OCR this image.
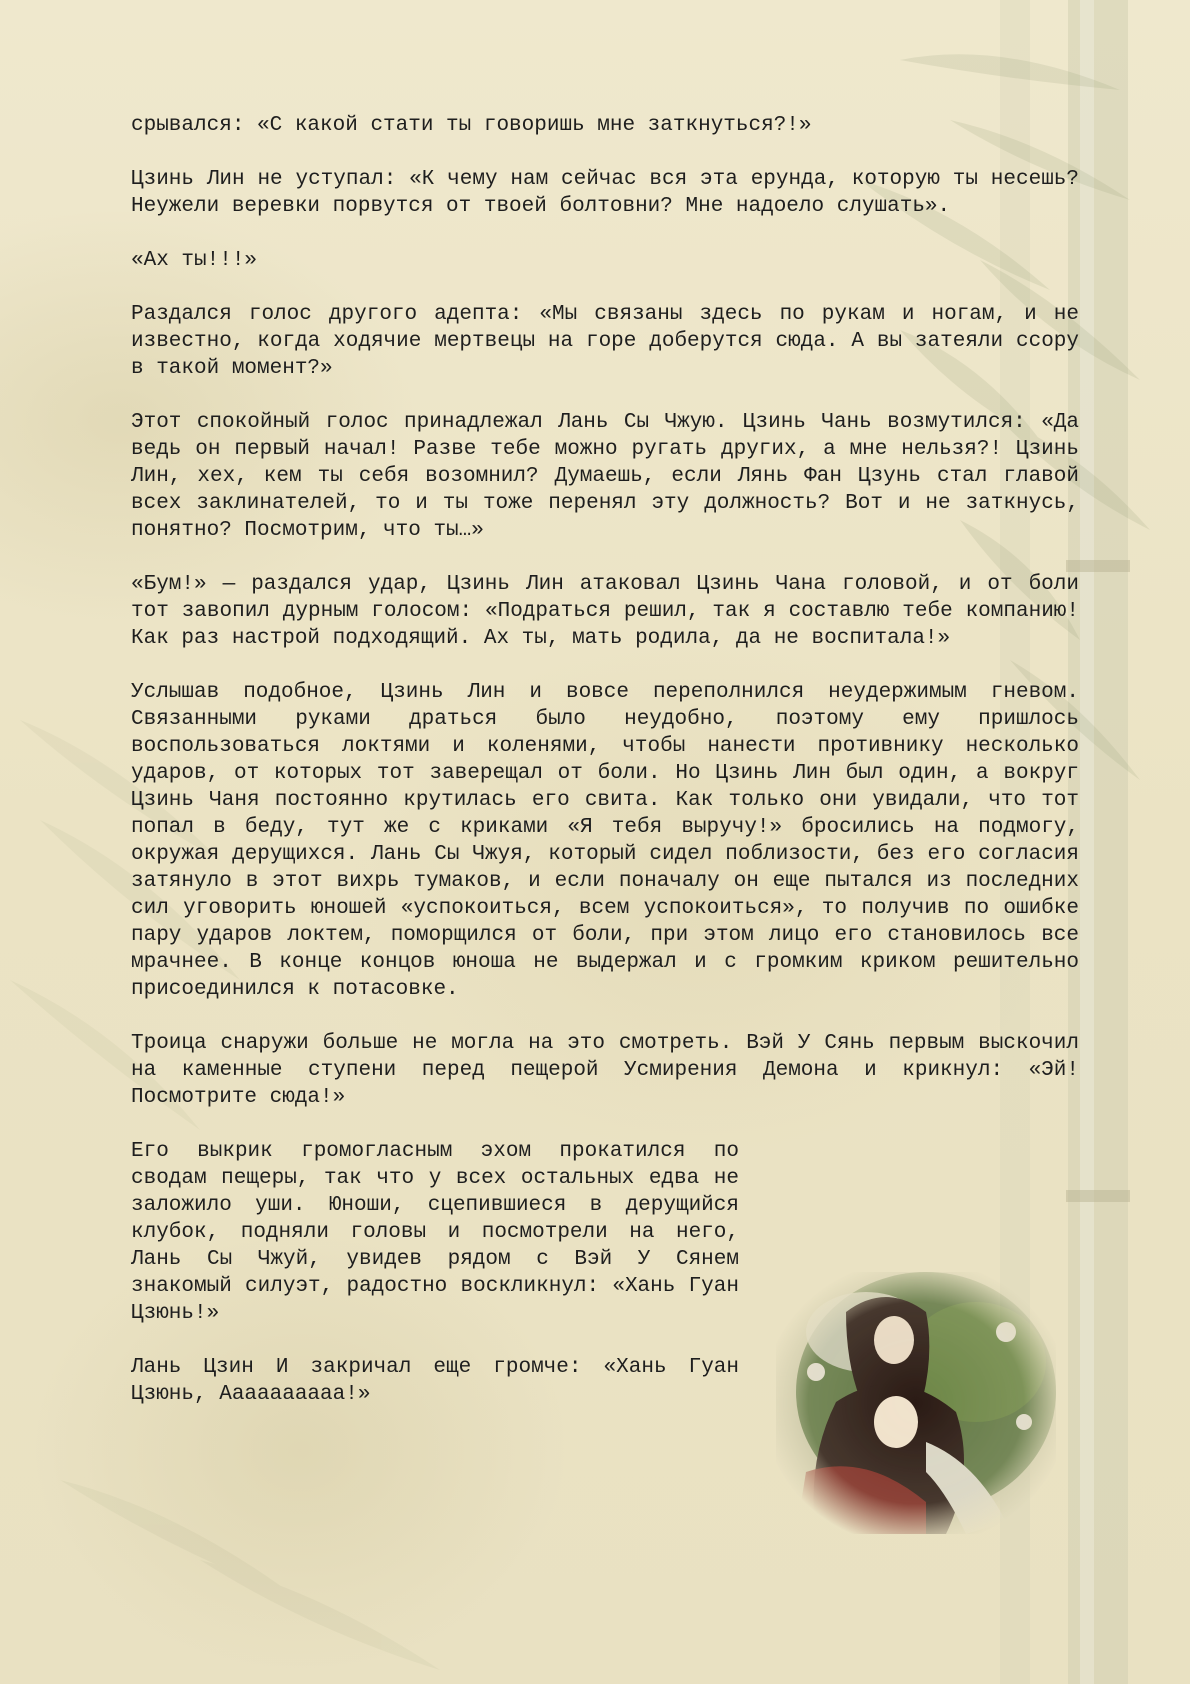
срывался: «С какой стати ты говоришь мне заткнуться?!»

Цзинь Лин не уступал: «К чему нам сейчас вся эта ерунда, которую ты несешь? Неужели веревки порвутся от твоей болтовни? Мне надоело слушать».

«Ах ты!!!»

Раздался голос другого адепта: «Мы связаны здесь по рукам и ногам, и не известно, когда ходячие мертвецы на горе доберутся сюда. А вы затеяли ссору в такой момент?»

Этот спокойный голос принадлежал Лань Сы Чжую. Цзинь Чань возмутился: «Да ведь он первый начал! Разве тебе можно ругать других, а мне нельзя?! Цзинь Лин, хех, кем ты себя возомнил? Думаешь, если Лянь Фан Цзунь стал главой всех заклинателей, то и ты тоже перенял эту должность? Вот и не заткнусь, понятно? Посмотрим, что ты…»

«Бум!» — раздался удар, Цзинь Лин атаковал Цзинь Чана головой, и от боли тот завопил дурным голосом: «Подраться решил, так я составлю тебе компанию! Как раз настрой подходящий. Ах ты, мать родила, да не воспитала!»

Услышав подобное, Цзинь Лин и вовсе переполнился неудержимым гневом. Связанными руками драться было неудобно, поэтому ему пришлось воспользоваться локтями и коленями, чтобы нанести противнику несколько ударов, от которых тот заверещал от боли. Но Цзинь Лин был один, а вокруг Цзинь Чаня постоянно крутилась его свита. Как только они увидали, что тот попал в беду, тут же с криками «Я тебя выручу!» бросились на подмогу, окружая дерущихся. Лань Сы Чжуя, который сидел поблизости, без его согласия затянуло в этот вихрь тумаков, и если поначалу он еще пытался из последних сил уговорить юношей «успокоиться, всем успокоиться», то получив по ошибке пару ударов локтем, поморщился от боли, при этом лицо его становилось все мрачнее. В конце концов юноша не выдержал и с громким криком решительно присоединился к потасовке.

Троица снаружи больше не могла на это смотреть. Вэй У Сянь первым выскочил на каменные ступени перед пещерой Усмирения Демона и крикнул: «Эй! Посмотрите сюда!»

Его выкрик громогласным эхом прокатился по сводам пещеры, так что у всех остальных едва не заложило уши. Юноши, сцепившиеся в дерущийся клубок, подняли головы и посмотрели на него, Лань Сы Чжуй, увидев рядом с Вэй У Сянем знакомый силуэт, радостно воскликнул: «Хань Гуан Цзюнь!»

Лань Цзин И закричал еще громче: «Хань Гуан Цзюнь, Аааааааааа!»
